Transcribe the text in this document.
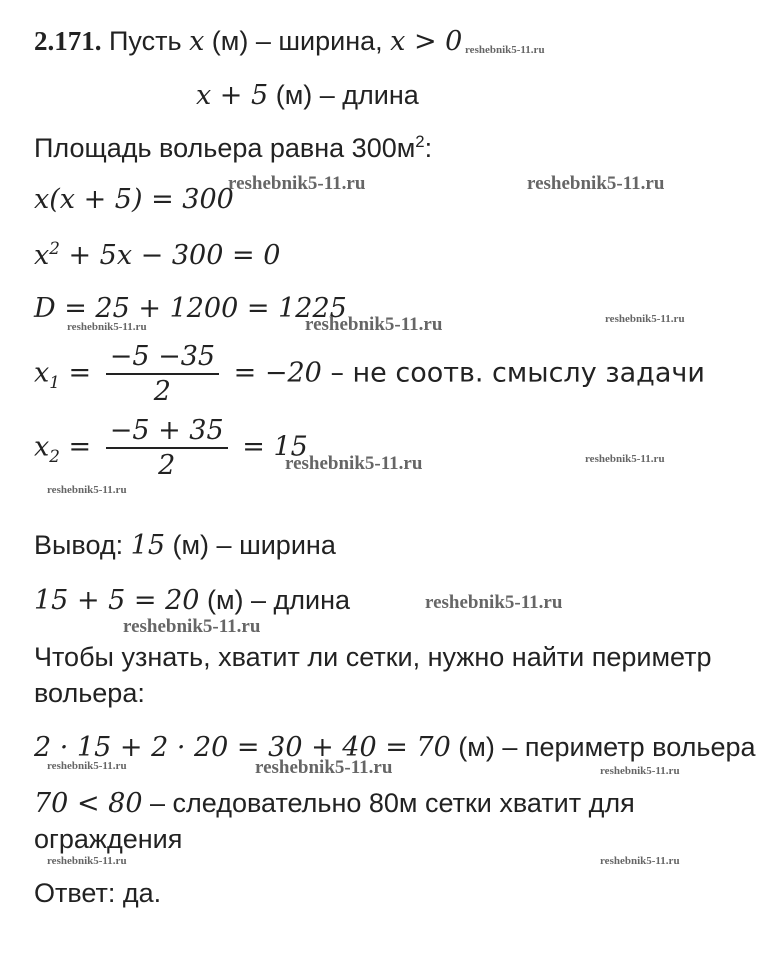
2.171. Пусть x (м) – ширина, x > 0 reshebnik5-11.ru
x + 5 (м) – длина
Площадь вольера равна $300м^2$:
x(x + 5) = 300
reshebnik5-11.ru	reshebnik5-11.ru
$x^2 + 5x - 300 = 0$
D = 25 + 1200 = 1225
reshebnik5-11.ru	reshebnik5-11.ru	reshebnik5-11.ru
$x_1 = \frac{-5 -35}{2} = -20$ – не соотв. смыслу задачи
$x_2 = \frac{-5 + 35}{2} = 15$
reshebnik5-11.ru	reshebnik5-11.ru
reshebnik5-11.ru
Вывод: 15 (м) – ширина
15 + 5 = 20 (м) – длина	reshebnik5-11.ru
reshebnik5-11.ru
Чтобы узнать, хватит ли сетки, нужно найти периметр
вольера:
2 · 15 + 2 · 20 = 30 + 40 = 70 (м) – периметр вольера
reshebnik5-11.ru	reshebnik5-11.ru	reshebnik5-11.ru
70 < 80 – следовательно 80м сетки хватит для
ограждения
reshebnik5-11.ru	reshebnik5-11.ru
Ответ: да.
